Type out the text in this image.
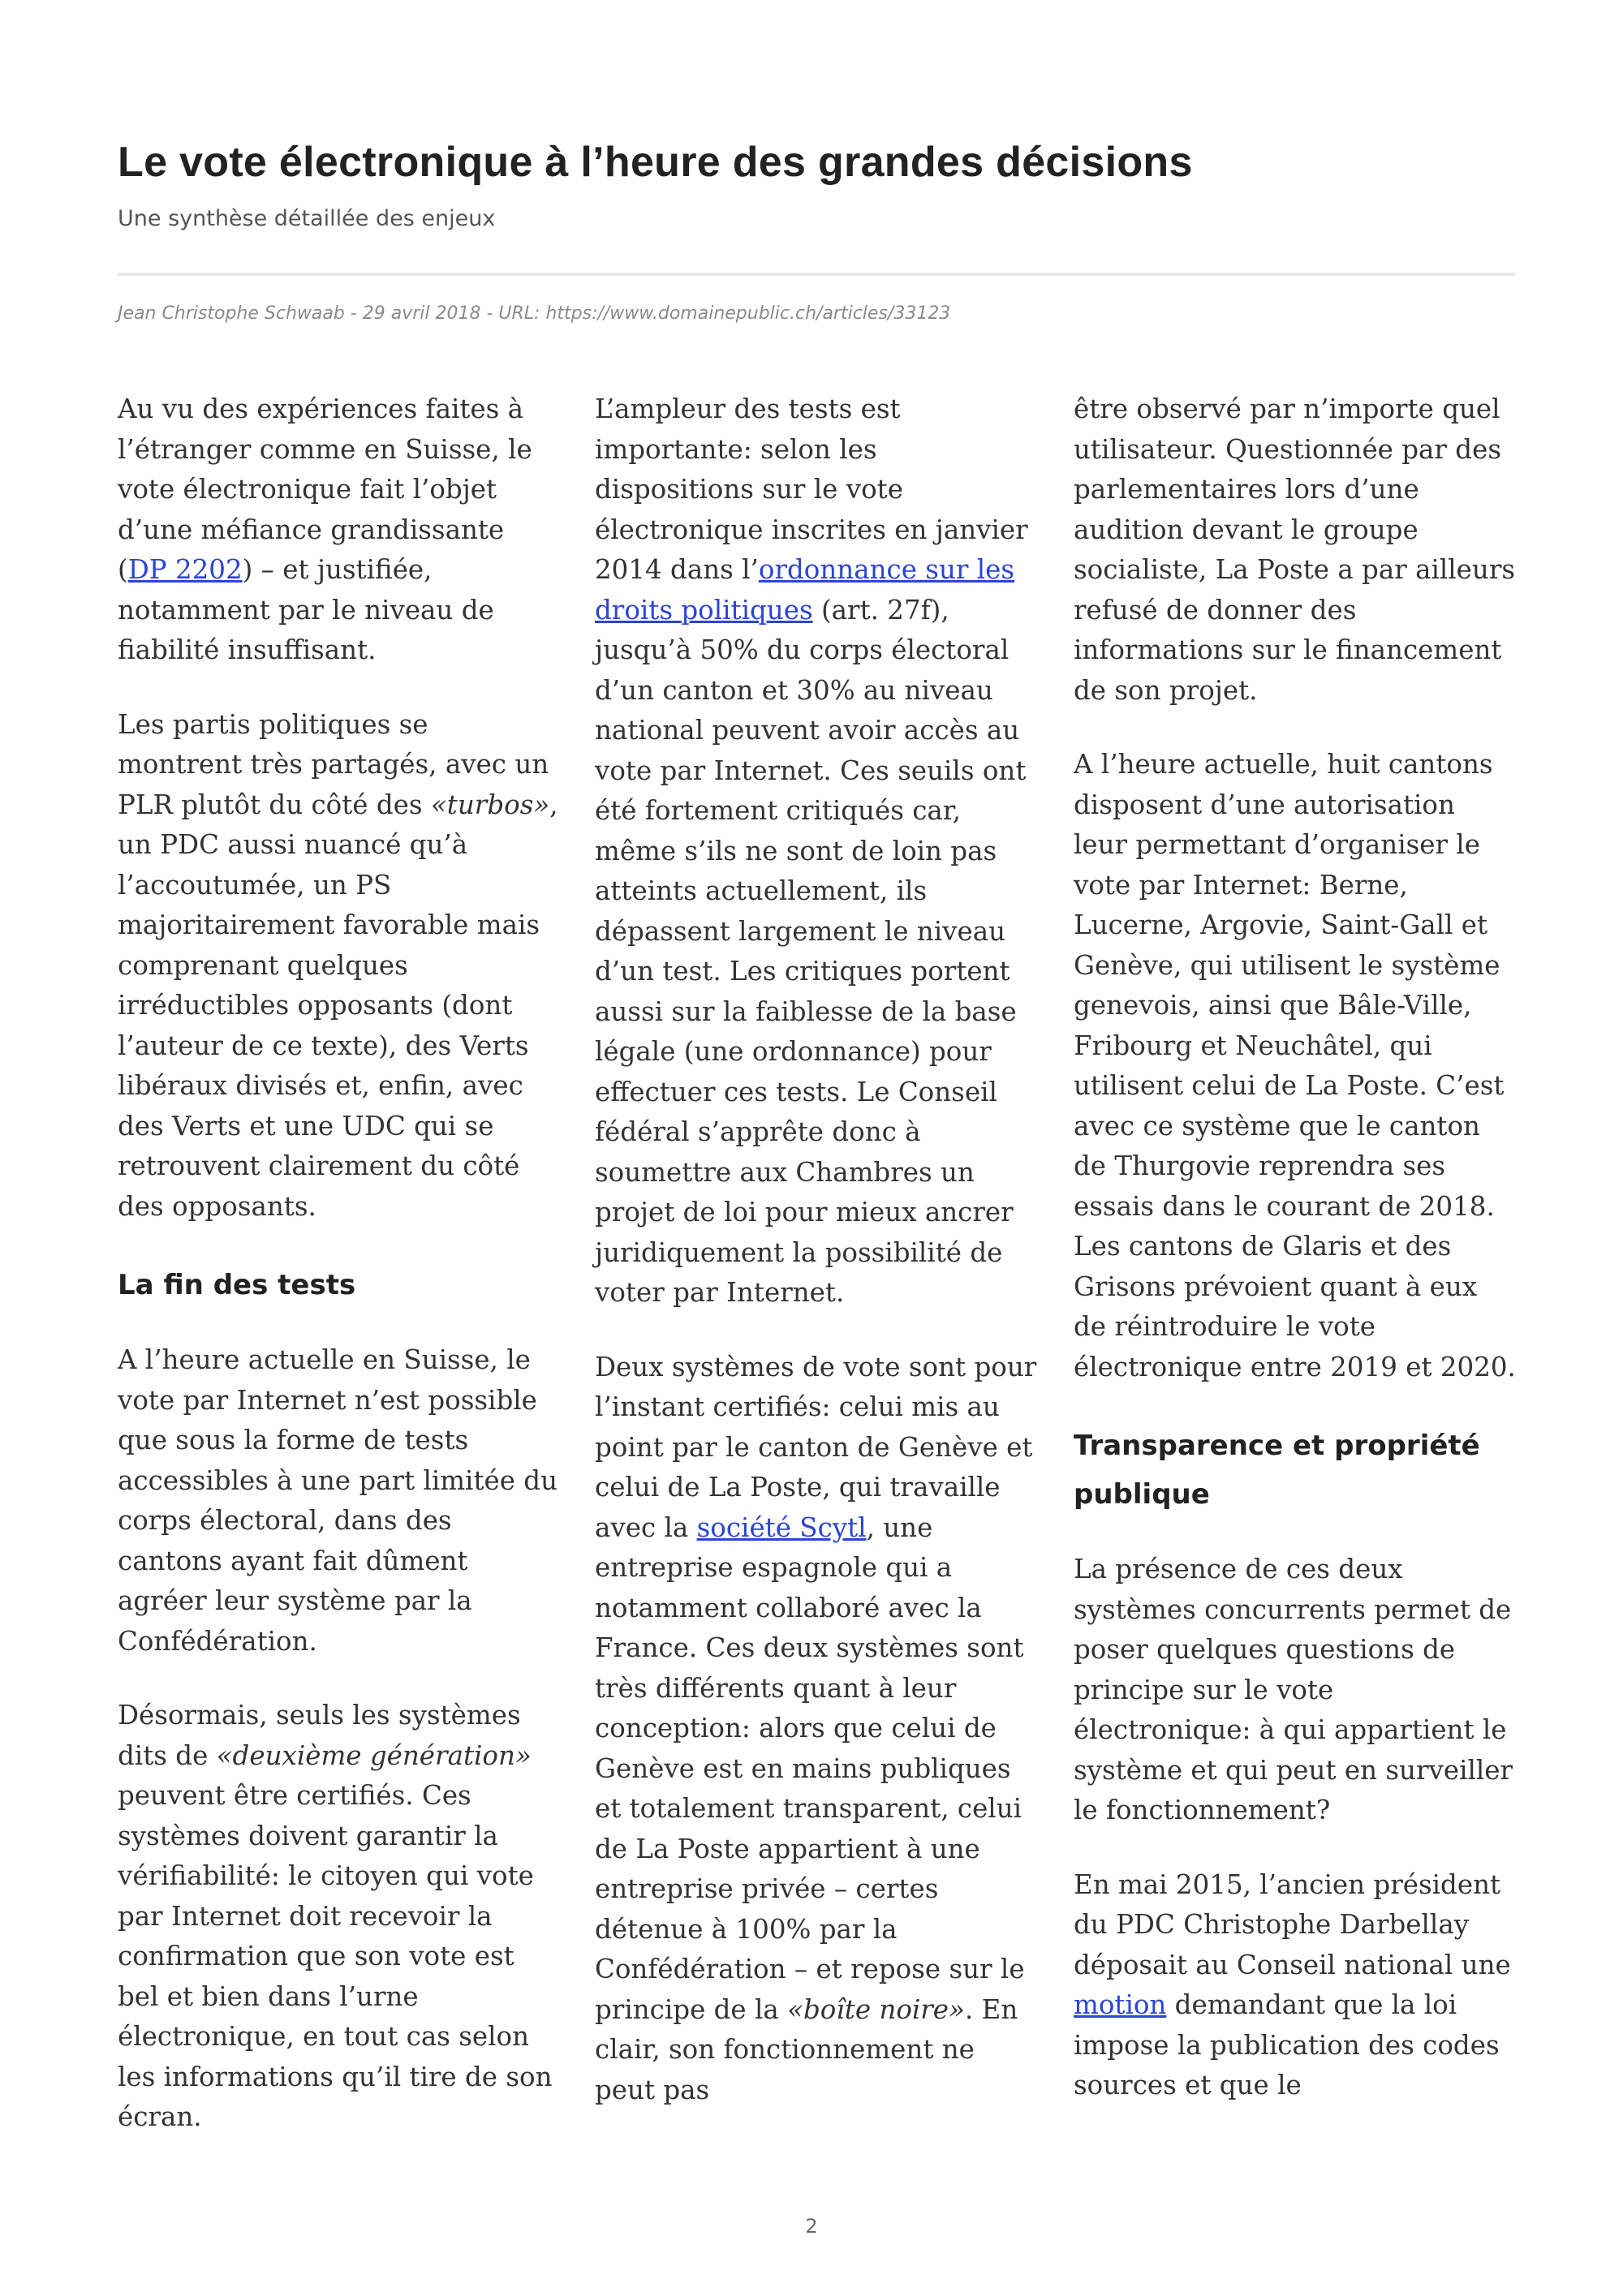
Le vote électronique à l’heure des grandes décisions

Une synthèse détaillée des enjeux

Jean Christophe Schwaab - 29 avril 2018 - URL: https://www.domainepublic.ch/articles/33123

Au vu des expériences faites à l’étranger comme en Suisse, le vote électronique fait l’objet d’une méfiance grandissante (DP 2202) – et justifiée, notamment par le niveau de fiabilité insuffisant.

Les partis politiques se montrent très partagés, avec un PLR plutôt du côté des «turbos», un PDC aussi nuancé qu’à l’accoutumée, un PS majoritairement favorable mais comprenant quelques irréductibles opposants (dont l’auteur de ce texte), des Verts libéraux divisés et, enfin, avec des Verts et une UDC qui se retrouvent clairement du côté des opposants.

La fin des tests

A l’heure actuelle en Suisse, le vote par Internet n’est possible que sous la forme de tests accessibles à une part limitée du corps électoral, dans des cantons ayant fait dûment agréer leur système par la Confédération.

Désormais, seuls les systèmes dits de «deuxième génération» peuvent être certifiés. Ces systèmes doivent garantir la vérifiabilité: le citoyen qui vote par Internet doit recevoir la confirmation que son vote est bel et bien dans l’urne électronique, en tout cas selon les informations qu’il tire de son écran.

L’ampleur des tests est importante: selon les dispositions sur le vote électronique inscrites en janvier 2014 dans l’ordonnance sur les droits politiques (art. 27f), jusqu’à 50% du corps électoral d’un canton et 30% au niveau national peuvent avoir accès au vote par Internet. Ces seuils ont été fortement critiqués car, même s’ils ne sont de loin pas atteints actuellement, ils dépassent largement le niveau d’un test. Les critiques portent aussi sur la faiblesse de la base légale (une ordonnance) pour effectuer ces tests. Le Conseil fédéral s’apprête donc à soumettre aux Chambres un projet de loi pour mieux ancrer juridiquement la possibilité de voter par Internet.

Deux systèmes de vote sont pour l’instant certifiés: celui mis au point par le canton de Genève et celui de La Poste, qui travaille avec la société Scytl, une entreprise espagnole qui a notamment collaboré avec la France. Ces deux systèmes sont très différents quant à leur conception: alors que celui de Genève est en mains publiques et totalement transparent, celui de La Poste appartient à une entreprise privée – certes détenue à 100% par la Confédération – et repose sur le principe de la «boîte noire». En clair, son fonctionnement ne peut pas

être observé par n’importe quel utilisateur. Questionnée par des parlementaires lors d’une audition devant le groupe socialiste, La Poste a par ailleurs refusé de donner des informations sur le financement de son projet.

A l’heure actuelle, huit cantons disposent d’une autorisation leur permettant d’organiser le vote par Internet: Berne, Lucerne, Argovie, Saint-Gall et Genève, qui utilisent le système genevois, ainsi que Bâle-Ville, Fribourg et Neuchâtel, qui utilisent celui de La Poste. C’est avec ce système que le canton de Thurgovie reprendra ses essais dans le courant de 2018. Les cantons de Glaris et des Grisons prévoient quant à eux de réintroduire le vote électronique entre 2019 et 2020.

Transparence et propriété publique

La présence de ces deux systèmes concurrents permet de poser quelques questions de principe sur le vote électronique: à qui appartient le système et qui peut en surveiller le fonctionnement?

En mai 2015, l’ancien président du PDC Christophe Darbellay déposait au Conseil national une motion demandant que la loi impose la publication des codes sources et que le

2
